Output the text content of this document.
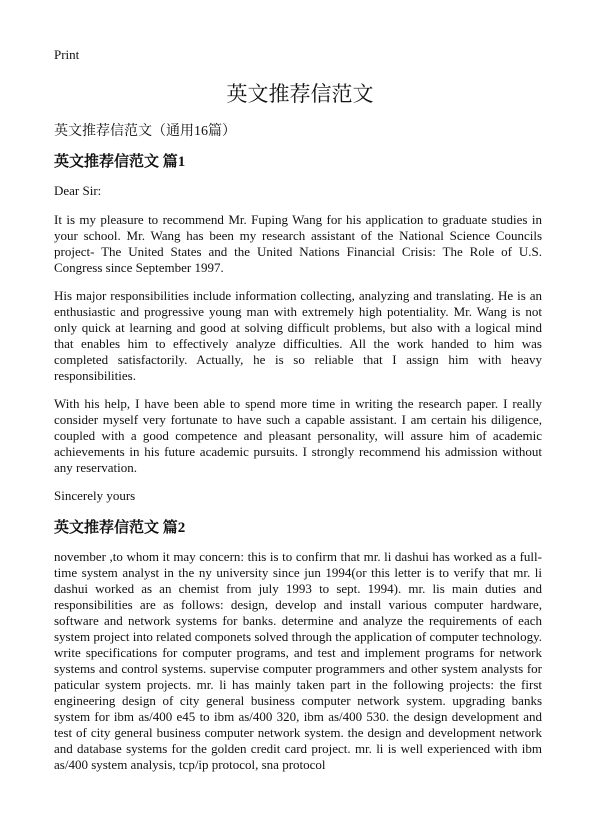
Print
英文推荐信范文
英文推荐信范文（通用16篇）
英文推荐信范文 篇1
Dear Sir:

It is my pleasure to recommend Mr. Fuping Wang for his application to graduate studies in your school. Mr. Wang has been my research assistant of the National Science Councils project- The United States and the United Nations Financial Crisis: The Role of U.S. Congress since September 1997.

His major responsibilities include information collecting, analyzing and translating. He is an enthusiastic and progressive young man with extremely high potentiality. Mr. Wang is not only quick at learning and good at solving difficult problems, but also with a logical mind that enables him to effectively analyze difficulties. All the work handed to him was completed satisfactorily. Actually, he is so reliable that I assign him with heavy responsibilities.

With his help, I have been able to spend more time in writing the research paper. I really consider myself very fortunate to have such a capable assistant. I am certain his diligence, coupled with a good competence and pleasant personality, will assure him of academic achievements in his future academic pursuits. I strongly recommend his admission without any reservation.

Sincerely yours
英文推荐信范文 篇2

november ,to whom it may concern: this is to confirm that mr. li dashui has worked as a full-time system analyst in the ny university since jun 1994(or this letter is to verify that mr. li dashui worked as an chemist from july 1993 to sept. 1994). mr. lis main duties and responsibilities are as follows: design, develop and install various computer hardware, software and network systems for banks. determine and analyze the requirements of each system project into related componets solved through the application of computer technology. write specifications for computer programs, and test and implement programs for network systems and control systems. supervise computer programmers and other system analysts for paticular system projects. mr. li has mainly taken part in the following projects: the first engineering design of city general business computer network system. upgrading banks system for ibm as/400 e45 to ibm as/400 320, ibm as/400 530. the design development and test of city general business computer network system. the design and development network and database systems for the golden credit card project. mr. li is well experienced with ibm as/400 system analysis, tcp/ip protocol, sna protocol
